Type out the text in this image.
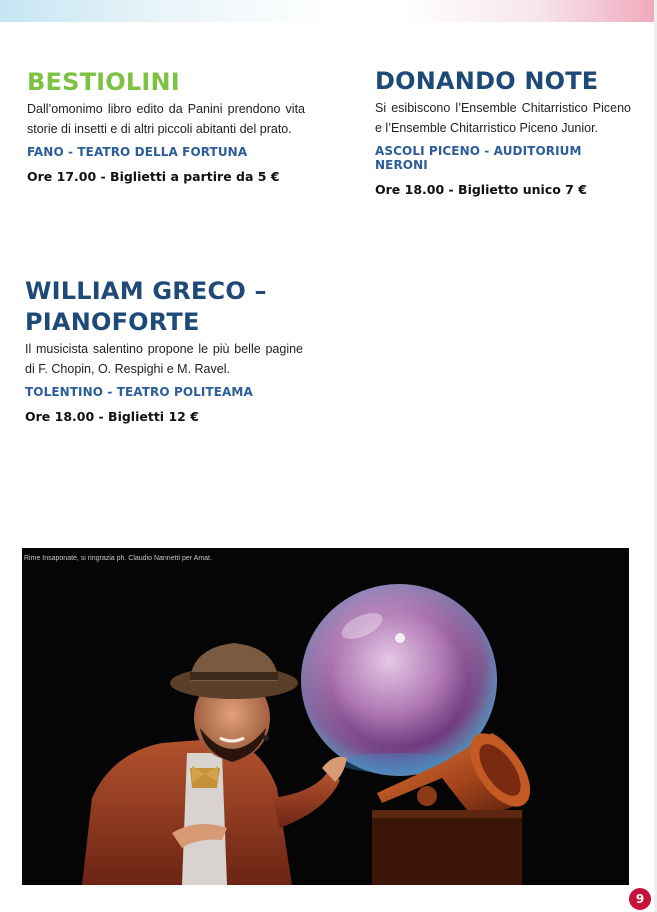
BESTIOLINI

Dall’omonimo libro edito da Panini prendono vita storie di insetti e di altri piccoli abitanti del prato.

FANO - TEATRO DELLA FORTUNA
Ore 17.00 - Biglietti a partire da 5 €
DONANDO NOTE

Si esibiscono l’Ensemble Chitarristico Piceno e l’Ensemble Chitarristico Piceno Junior.

ASCOLI PICENO - AUDITORIUM NERONI
Ore 18.00 - Biglietto unico 7 €
WILLIAM GRECO – PIANOFORTE

Il musicista salentino propone le più belle pagine di F. Chopin, O. Respighi e M. Ravel.

TOLENTINO - TEATRO POLITEAMA
Ore 18.00 - Biglietti 12 €
Rime Insaponate, si ringrazia ph. Claudio Nannetti per Amat.
9
